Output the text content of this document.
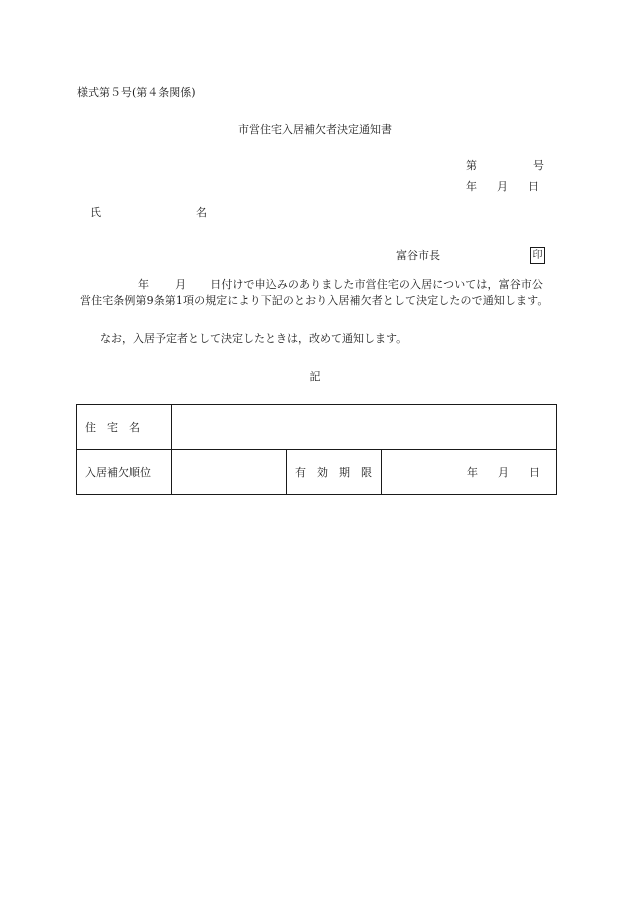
様式第５号(第４条関係)
市営住宅入居補欠者決定通知書
第	号
年 月 日
氏	名
富谷市長	印
年 月 日付けで申込みのありました市営住宅の入居については，富谷市公営住宅条例第9条第1項の規定により下記のとおり入居補欠者として決定したので通知します。
なお，入居予定者として決定したときは，改めて通知します。
記
住　宅　名			
入居補欠順位		有　効　期　限	年 月 日
